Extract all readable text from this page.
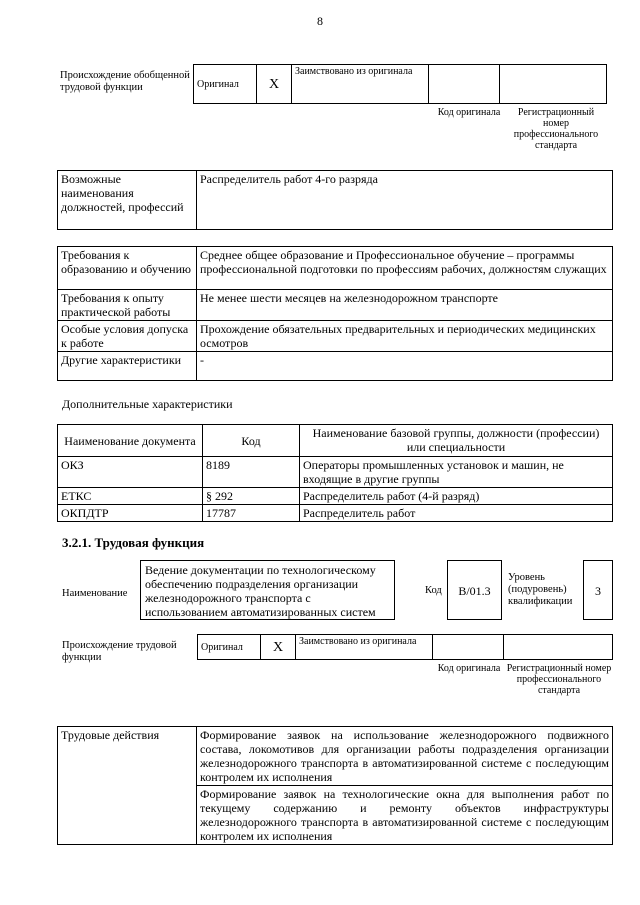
8
Происхождение обобщенной трудовой функции	Оригинал	X	Заимствовано из оригинала		
Код оригинала	Регистрационный номер профессионального стандарта
Возможные наименования должностей, профессий	Распределитель работ 4-го разряда
Требования к образованию и обучению	Среднее общее образование и Профессиональное обучение – программы профессиональной подготовки по профессиям рабочих, должностям служащих
Требования к опыту практической работы	Не менее шести месяцев на железнодорожном транспорте
Особые условия допуска к работе	Прохождение обязательных предварительных и периодических медицинских осмотров
Другие характеристики	-
Дополнительные характеристики
Наименование документа	Код	Наименование базовой группы, должности (профессии) или специальности
ОКЗ	8189	Операторы промышленных установок и машин, не входящие в другие группы
ЕТКС	§ 292	Распределитель работ (4-й разряд)
ОКПДТР	17787	Распределитель работ
3.2.1. Трудовая функция
Наименование
Ведение документации по технологическому обеспечению подразделения организации железнодорожного транспорта с использованием автоматизированных систем
Код	B/01.3
Уровень (подуровень) квалификации
3
Происхождение трудовой функции
Оригинал	X	Заимствовано из оригинала		
Код оригинала Регистрационный номер профессионального стандарта
Трудовые действия	Формирование заявок на использование железнодорожного подвижного состава, локомотивов для организации работы подразделения организации железнодорожного транспорта в автоматизированной системе с последующим контролем их исполнения
Формирование заявок на технологические окна для выполнения работ по текущему содержанию и ремонту объектов инфраструктуры железнодорожного транспорта в автоматизированной системе с последующим контролем их исполнения
